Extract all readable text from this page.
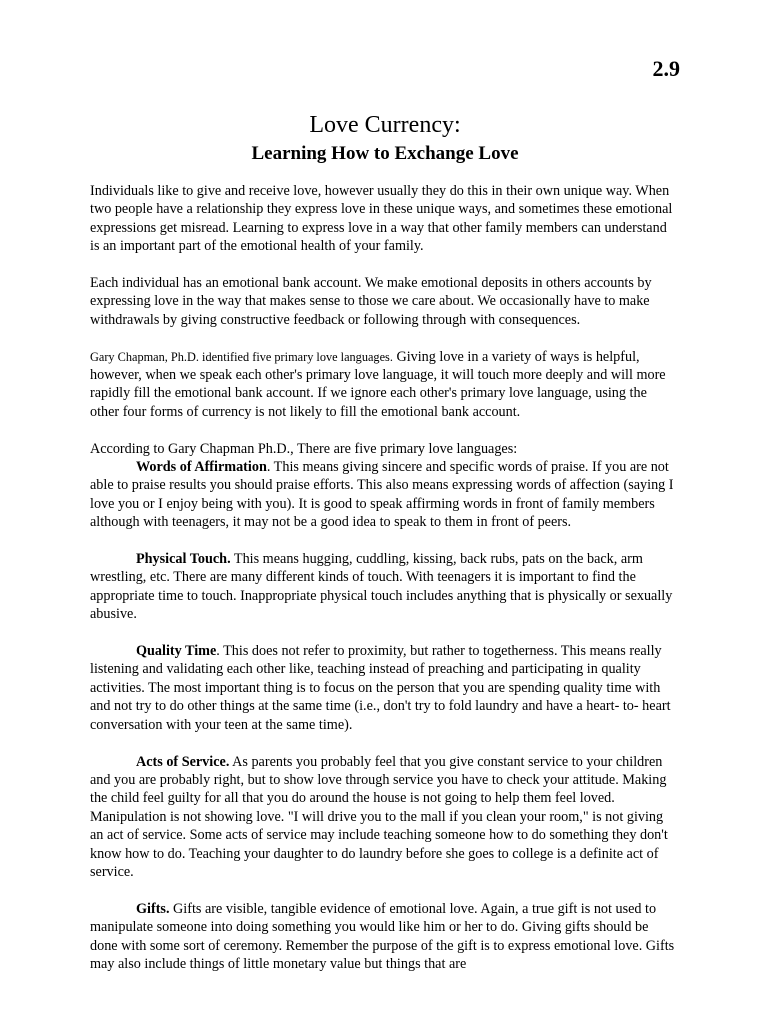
2.9
Love Currency:
Learning How to Exchange Love

Individuals like to give and receive love, however usually they do this in their own unique way. When two people have a relationship they express love in these unique ways, and sometimes these emotional expressions get misread. Learning to express love in a way that other family members can understand is an important part of the emotional health of your family.

Each individual has an emotional bank account. We make emotional deposits in others accounts by expressing love in the way that makes sense to those we care about. We occasionally have to make withdrawals by giving constructive feedback or following through with consequences.

Gary Chapman, Ph.D. identified five primary love languages. Giving love in a variety of ways is helpful, however, when we speak each other's primary love language, it will touch more deeply and will more rapidly fill the emotional bank account. If we ignore each other's primary love language, using the other four forms of currency is not likely to fill the emotional bank account.

According to Gary Chapman Ph.D., There are five primary love languages:

Words of Affirmation. This means giving sincere and specific words of praise. If you are not able to praise results you should praise efforts. This also means expressing words of affection (saying I love you or I enjoy being with you). It is good to speak affirming words in front of family members although with teenagers, it may not be a good idea to speak to them in front of peers.

Physical Touch. This means hugging, cuddling, kissing, back rubs, pats on the back, arm wrestling, etc. There are many different kinds of touch. With teenagers it is important to find the appropriate time to touch. Inappropriate physical touch includes anything that is physically or sexually abusive.

Quality Time. This does not refer to proximity, but rather to togetherness. This means really listening and validating each other like, teaching instead of preaching and participating in quality activities. The most important thing is to focus on the person that you are spending quality time with and not try to do other things at the same time (i.e., don't try to fold laundry and have a heart- to- heart conversation with your teen at the same time).

Acts of Service. As parents you probably feel that you give constant service to your children and you are probably right, but to show love through service you have to check your attitude. Making the child feel guilty for all that you do around the house is not going to help them feel loved. Manipulation is not showing love. "I will drive you to the mall if you clean your room," is not giving an act of service. Some acts of service may include teaching someone how to do something they don't know how to do. Teaching your daughter to do laundry before she goes to college is a definite act of service.

Gifts. Gifts are visible, tangible evidence of emotional love. Again, a true gift is not used to manipulate someone into doing something you would like him or her to do. Giving gifts should be done with some sort of ceremony. Remember the purpose of the gift is to express emotional love. Gifts may also include things of little monetary value but things that are
